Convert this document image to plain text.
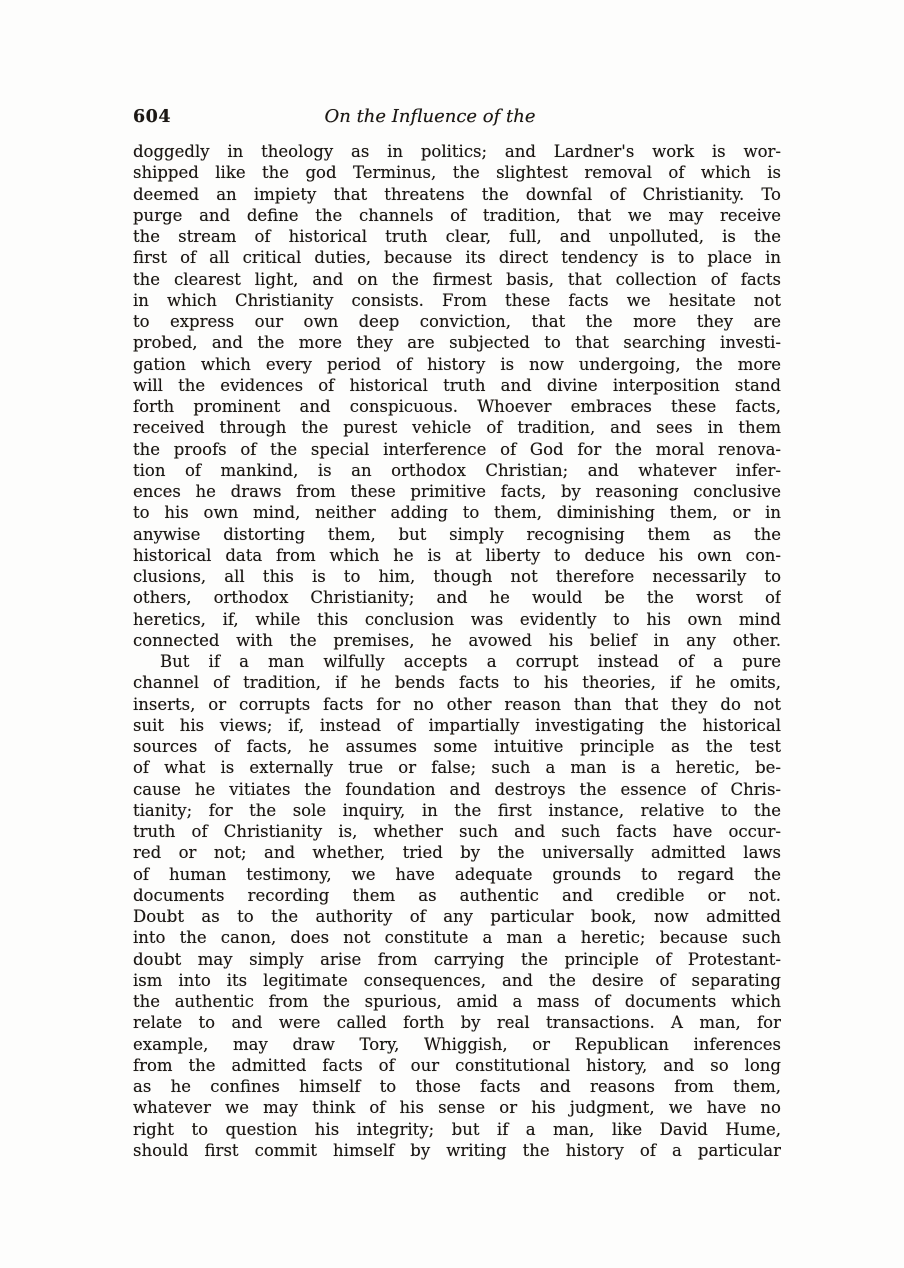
604	On the Influence of the
doggedly in theology as in politics; and Lardner's work is wor-
shipped like the god Terminus, the slightest removal of which is
deemed an impiety that threatens the downfal of Christianity. To
purge and define the channels of tradition, that we may receive
the stream of historical truth clear, full, and unpolluted, is the
first of all critical duties, because its direct tendency is to place in
the clearest light, and on the firmest basis, that collection of facts
in which Christianity consists. From these facts we hesitate not
to express our own deep conviction, that the more they are
probed, and the more they are subjected to that searching investi-
gation which every period of history is now undergoing, the more
will the evidences of historical truth and divine interposition stand
forth prominent and conspicuous. Whoever embraces these facts,
received through the purest vehicle of tradition, and sees in them
the proofs of the special interference of God for the moral renova-
tion of mankind, is an orthodox Christian; and whatever infer-
ences he draws from these primitive facts, by reasoning conclusive
to his own mind, neither adding to them, diminishing them, or in
anywise distorting them, but simply recognising them as the
historical data from which he is at liberty to deduce his own con-
clusions, all this is to him, though not therefore necessarily to
others, orthodox Christianity; and he would be the worst of
heretics, if, while this conclusion was evidently to his own mind
connected with the premises, he avowed his belief in any other.
But if a man wilfully accepts a corrupt instead of a pure
channel of tradition, if he bends facts to his theories, if he omits,
inserts, or corrupts facts for no other reason than that they do not
suit his views; if, instead of impartially investigating the historical
sources of facts, he assumes some intuitive principle as the test
of what is externally true or false; such a man is a heretic, be-
cause he vitiates the foundation and destroys the essence of Chris-
tianity; for the sole inquiry, in the first instance, relative to the
truth of Christianity is, whether such and such facts have occur-
red or not; and whether, tried by the universally admitted laws
of human testimony, we have adequate grounds to regard the
documents recording them as authentic and credible or not.
Doubt as to the authority of any particular book, now admitted
into the canon, does not constitute a man a heretic; because such
doubt may simply arise from carrying the principle of Protestant-
ism into its legitimate consequences, and the desire of separating
the authentic from the spurious, amid a mass of documents which
relate to and were called forth by real transactions. A man, for
example, may draw Tory, Whiggish, or Republican inferences
from the admitted facts of our constitutional history, and so long
as he confines himself to those facts and reasons from them,
whatever we may think of his sense or his judgment, we have no
right to question his integrity; but if a man, like David Hume,
should first commit himself by writing the history of a particular
